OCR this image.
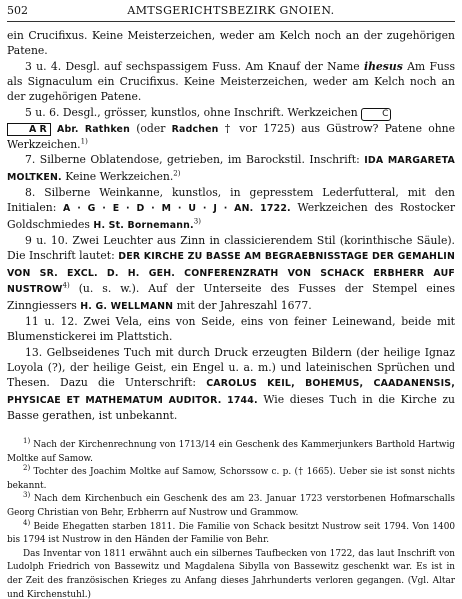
502	AMTSGERICHTSBEZIRK GNOIEN.

ein Crucifixus. Keine Meisterzeichen, weder am Kelch noch an der zugehörigen Patene.

3 u. 4. Desgl. auf sechspassigem Fuss. Am Knauf der Name ihesus Am Fuss als Signaculum ein Crucifixus. Keine Meisterzeichen, weder am Kelch noch an der zugehörigen Patene.

5 u. 6. Desgl., grösser, kunstlos, ohne Inschrift. Werkzeichen	C
A R Abr. Rathken (oder Radchen † vor 1725) aus Güstrow? Patene ohne Werkzeichen.$^{1)}$

7. Silberne Oblatendose, getrieben, im Barockstil. Inschrift: IDA MARGARETA MOLTKEN. Keine Werkzeichen.$^{2)}$

8. Silberne Weinkanne, kunstlos, in gepresstem Lederfutteral, mit den Initialen: A · G · E · D · M · U · J · AN. 1722. Werkzeichen des Rostocker Goldschmiedes H. St. Bornemann.$^{3)}$

9 u. 10. Zwei Leuchter aus Zinn in classicierendem Stil (korinthische Säule). Die Inschrift lautet: DER KIRCHE ZU BASSE AM BEGRAEBNISSTAGE DER GEMAHLIN VON SR. EXCL. D. H. GEH. CONFERENZRATH VON SCHACK ERBHERR AUF NUSTROW$^{4)}$ (u. s. w.). Auf der Unterseite des Fusses der Stempel eines Zinngiessers H. G. WELLMANN mit der Jahreszahl 1677.

11 u. 12. Zwei Vela, eins von Seide, eins von feiner Leinewand, beide mit Blumenstickerei im Plattstich.

13. Gelbseidenes Tuch mit durch Druck erzeugten Bildern (der heilige Ignaz Loyola (?), der heilige Geist, ein Engel u. a. m.) und lateinischen Sprüchen und Thesen. Dazu die Unterschrift: CAROLUS KEIL, BOHEMUS, CAADANENSIS, PHYSICAE ET MATHEMATUM AUDITOR. 1744. Wie dieses Tuch in die Kirche zu Basse gerathen, ist unbekannt.

$^{1)}$ Nach der Kirchenrechnung von 1713/14 ein Geschenk des Kammerjunkers Barthold Hartwig Moltke auf Samow.

$^{2)}$ Tochter des Joachim Moltke auf Samow, Schorssow c. p. († 1665). Ueber sie ist sonst nichts bekannt.

$^{3)}$ Nach dem Kirchenbuch ein Geschenk des am 23. Januar 1723 verstorbenen Hofmarschalls Georg Christian von Behr, Erbherrn auf Nustrow und Grammow.

$^{4)}$ Beide Ehegatten starben 1811. Die Familie von Schack besitzt Nustrow seit 1794. Von 1400 bis 1794 ist Nustrow in den Händen der Familie von Behr.

Das Inventar von 1811 erwähnt auch ein silbernes Taufbecken von 1722, das laut Inschrift von Ludolph Friedrich von Bassewitz und Magdalena Sibylla von Bassewitz geschenkt war. Es ist in der Zeit des französischen Krieges zu Anfang dieses Jahrhunderts verloren gegangen. (Vgl. Altar und Kirchenstuhl.)
